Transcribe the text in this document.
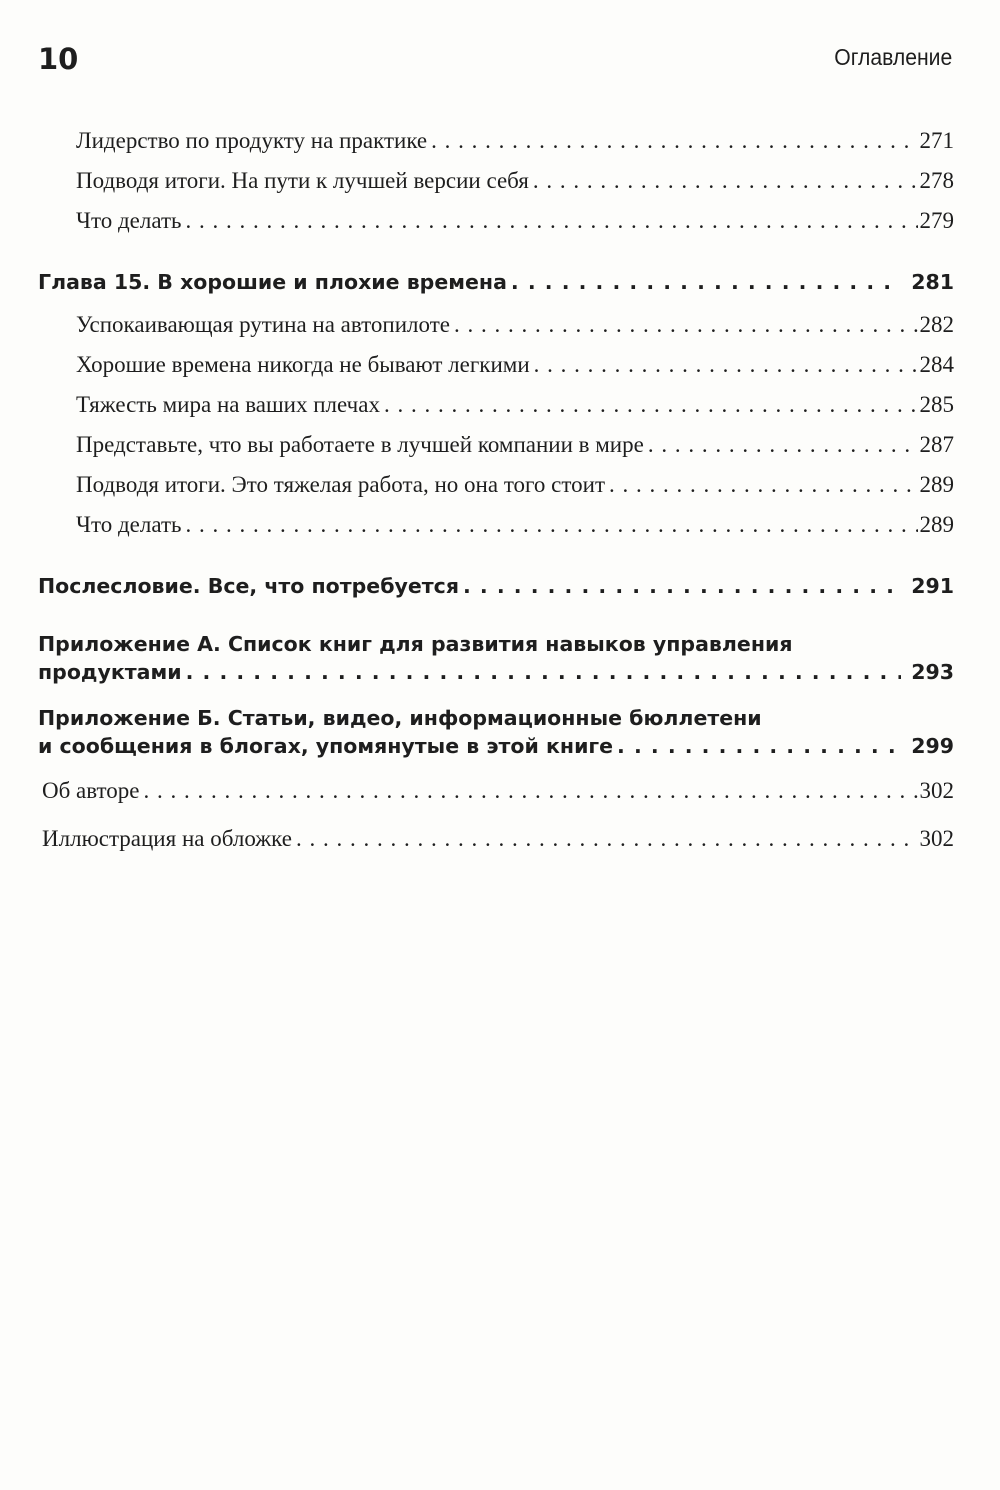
10	Оглавление
Лидерство по продукту на практике . . .	271
Подводя итоги. На пути к лучшей версии себя . . .	278
Что делать . . .	279
Глава 15. В хорошие и плохие времена . . .	281
Успокаивающая рутина на автопилоте . . .	282
Хорошие времена никогда не бывают легкими . . .	284
Тяжесть мира на ваших плечах . . .	285
Представьте, что вы работаете в лучшей компании в мире . . .	287
Подводя итоги. Это тяжелая работа, но она того стоит . . .	289
Что делать . . .	289
Послесловие. Все, что потребуется . . .	291
Приложение А. Список книг для развития навыков управления
продуктами . . .	293
Приложение Б. Статьи, видео, информационные бюллетени
и сообщения в блогах, упомянутые в этой книге . . .	299
Об авторе . . .	302
Иллюстрация на обложке . . .	302
